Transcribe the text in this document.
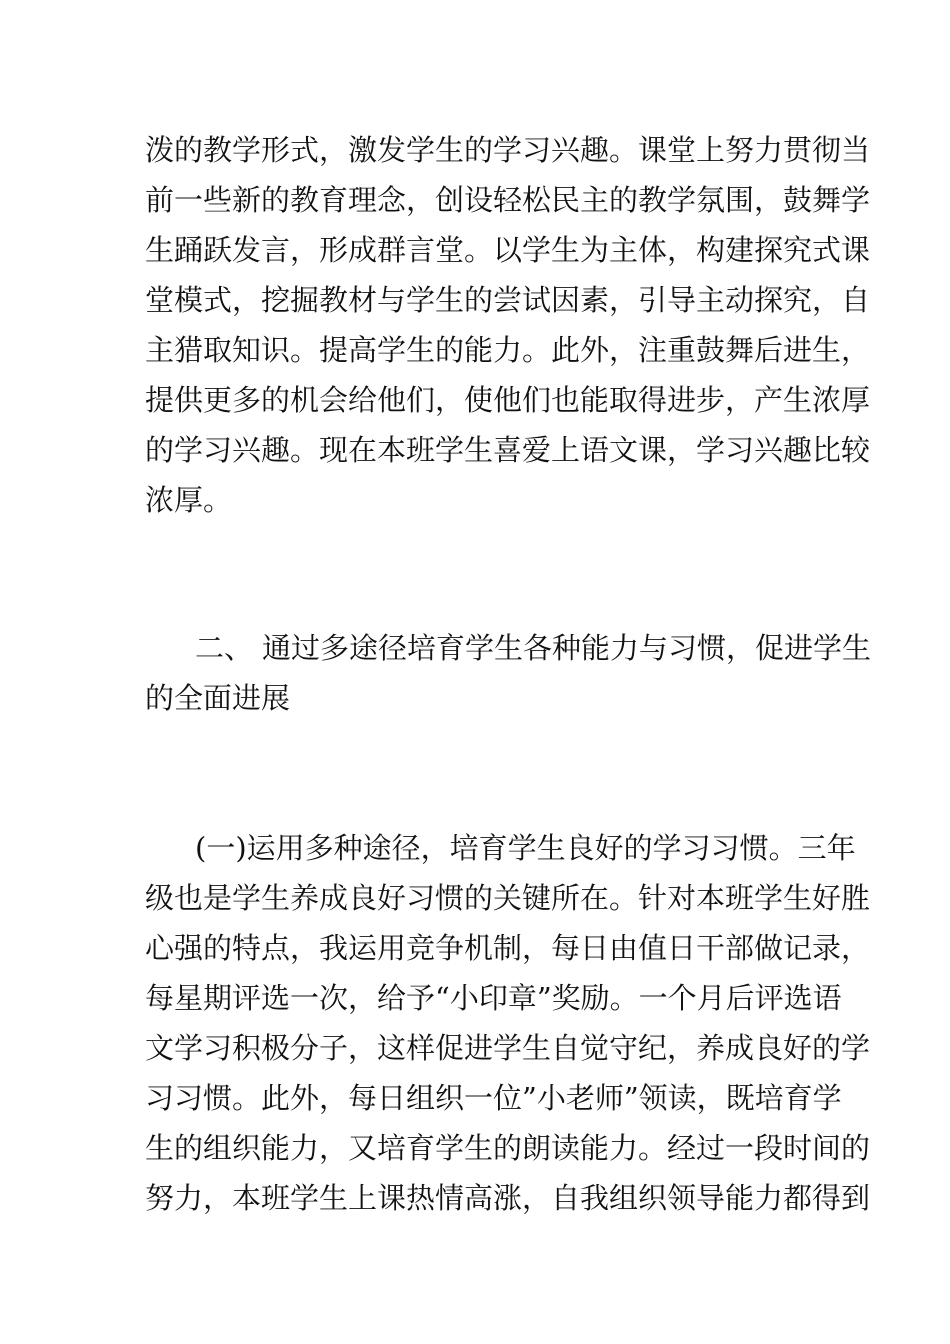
泼的教学形式，激发学生的学习兴趣。课堂上努力贯彻当
前一些新的教育理念，创设轻松民主的教学氛围，鼓舞学
生踊跃发言，形成群言堂。以学生为主体，构建探究式课
堂模式，挖掘教材与学生的尝试因素，引导主动探究，自
主猎取知识。提高学生的能力。此外，注重鼓舞后进生，
提供更多的机会给他们，使他们也能取得进步，产生浓厚
的学习兴趣。现在本班学生喜爱上语文课，学习兴趣比较
浓厚。
二、 通过多途径培育学生各种能力与习惯，促进学生
的全面进展
(一)运用多种途径，培育学生良好的学习习惯。三年
级也是学生养成良好习惯的关键所在。针对本班学生好胜
心强的特点，我运用竞争机制，每日由值日干部做记录，
每星期评选一次，给予“小印章”奖励。一个月后评选语
文学习积极分子，这样促进学生自觉守纪，养成良好的学
习习惯。此外，每日组织一位”小老师”领读，既培育学
生的组织能力，又培育学生的朗读能力。经过一段时间的
努力，本班学生上课热情高涨，自我组织领导能力都得到
